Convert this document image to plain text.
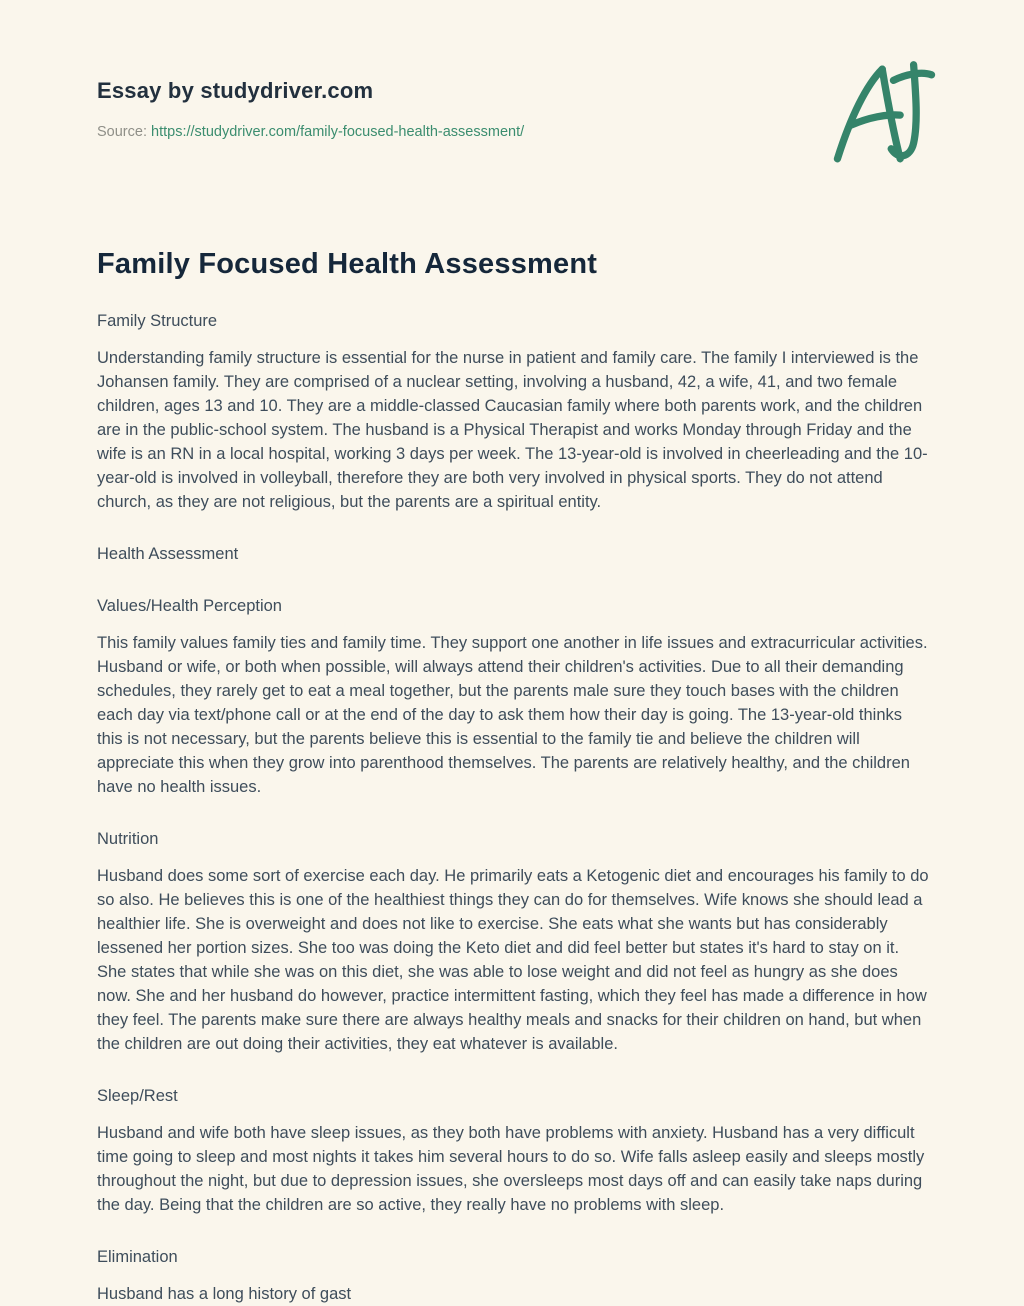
Essay by studydriver.com
Source: https://studydriver.com/family-focused-health-assessment/
Family Focused Health Assessment
Family Structure

Understanding family structure is essential for the nurse in patient and family care. The family I interviewed is the Johansen family. They are comprised of a nuclear setting, involving a husband, 42, a wife, 41, and two female children, ages 13 and 10. They are a middle-classed Caucasian family where both parents work, and the children are in the public-school system. The husband is a Physical Therapist and works Monday through Friday and the wife is an RN in a local hospital, working 3 days per week. The 13-year-old is involved in cheerleading and the 10-year-old is involved in volleyball, therefore they are both very involved in physical sports. They do not attend church, as they are not religious, but the parents are a spiritual entity.

Health Assessment
Values/Health Perception

This family values family ties and family time. They support one another in life issues and extracurricular activities. Husband or wife, or both when possible, will always attend their children's activities. Due to all their demanding schedules, they rarely get to eat a meal together, but the parents male sure they touch bases with the children each day via text/phone call or at the end of the day to ask them how their day is going. The 13-year-old thinks this is not necessary, but the parents believe this is essential to the family tie and believe the children will appreciate this when they grow into parenthood themselves. The parents are relatively healthy, and the children have no health issues.

Nutrition

Husband does some sort of exercise each day. He primarily eats a Ketogenic diet and encourages his family to do so also. He believes this is one of the healthiest things they can do for themselves. Wife knows she should lead a healthier life. She is overweight and does not like to exercise. She eats what she wants but has considerably lessened her portion sizes. She too was doing the Keto diet and did feel better but states it's hard to stay on it. She states that while she was on this diet, she was able to lose weight and did not feel as hungry as she does now. She and her husband do however, practice intermittent fasting, which they feel has made a difference in how they feel. The parents make sure there are always healthy meals and snacks for their children on hand, but when the children are out doing their activities, they eat whatever is available.

Sleep/Rest

Husband and wife both have sleep issues, as they both have problems with anxiety. Husband has a very difficult time going to sleep and most nights it takes him several hours to do so. Wife falls asleep easily and sleeps mostly throughout the night, but due to depression issues, she oversleeps most days off and can easily take naps during the day. Being that the children are so active, they really have no problems with sleep.

Elimination

Husband has a long history of gast
